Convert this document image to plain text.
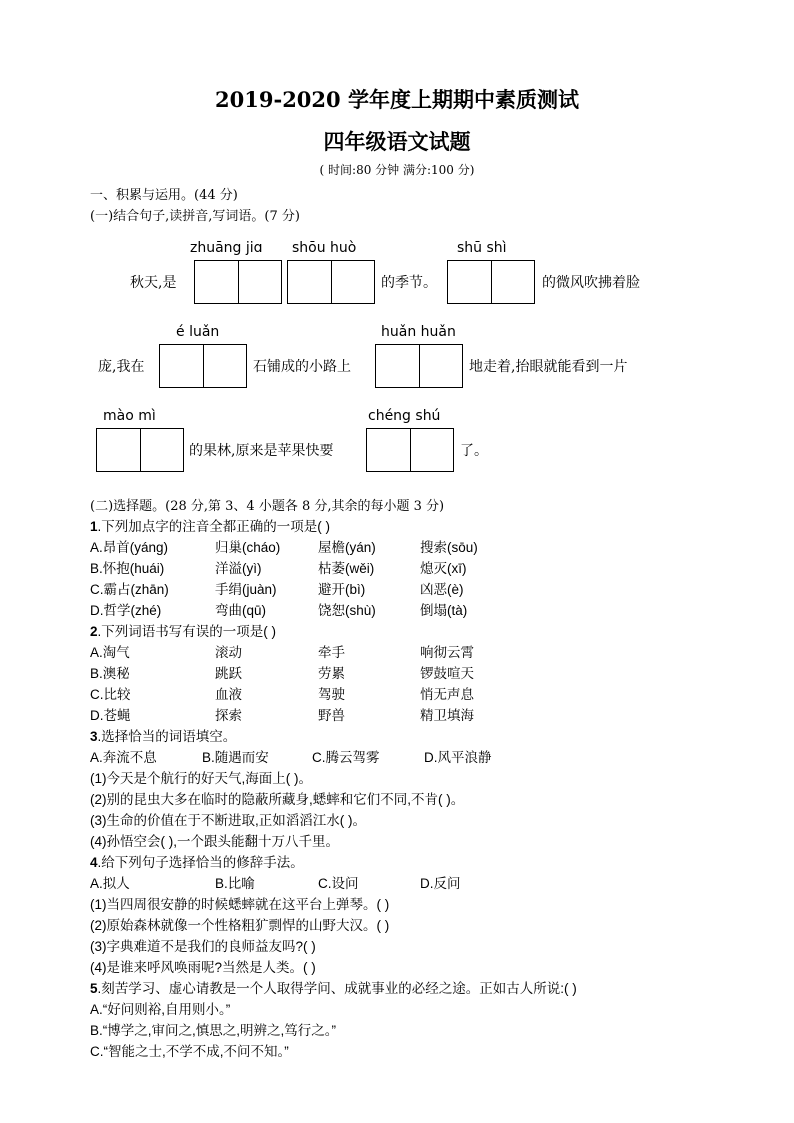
2019-2020 学年度上期期中素质测试
四年级语文试题
( 时间:80 分钟 满分:100 分)
一、积累与运用。(44 分)
(一)结合句子,读拼音,写词语。(7 分)
zhuāng jiɑ shōu huò	shū shì
秋天,是	的季节。	的微风吹拂着脸
é luǎn	huǎn huǎn
庞,我在	石铺成的小路上	地走着,抬眼就能看到一片
mào mì	chéng shú
的果林,原来是苹果快要	了。
(二)选择题。(28 分,第 3、4 小题各 8 分,其余的每小题 3 分)
1.下列加点字的注音全都正确的一项是( )
A.昂首(yáng)	归巢(cháo)	屋檐(yán)	搜索(sōu)
B.怀抱(huái)	洋溢(yì)	枯萎(wěi)	熄灭(xī)
C.霸占(zhān)	手绢(juàn)	避开(bì)	凶恶(è)
D.哲学(zhé)	弯曲(qū)	饶恕(shù)	倒塌(tà)
2.下列词语书写有误的一项是( )
A.淘气	滚动	牵手	响彻云霄
B.澳秘	跳跃	劳累	锣鼓喧天
C.比较	血液	驾驶	悄无声息
D.苍蝇	探索	野兽	精卫填海
3.选择恰当的词语填空。
A.奔流不息	B.随遇而安	C.腾云驾雾	D.风平浪静
(1)今天是个航行的好天气,海面上( )。
(2)别的昆虫大多在临时的隐蔽所藏身,蟋蟀和它们不同,不肯( )。
(3)生命的价值在于不断进取,正如滔滔江水( )。
(4)孙悟空会( ),一个跟头能翻十万八千里。
4.给下列句子选择恰当的修辞手法。
A.拟人	B.比喻	C.设问	D.反问
(1)当四周很安静的时候蟋蟀就在这平台上弹琴。( )
(2)原始森林就像一个性格粗犷剽悍的山野大汉。( )
(3)字典难道不是我们的良师益友吗?( )
(4)是谁来呼风唤雨呢?当然是人类。( )
5.刻苦学习、虚心请教是一个人取得学问、成就事业的必经之途。正如古人所说:( )
A.“好问则裕,自用则小。”
B.“博学之,审问之,慎思之,明辨之,笃行之。”
C.“智能之士,不学不成,不问不知。”
